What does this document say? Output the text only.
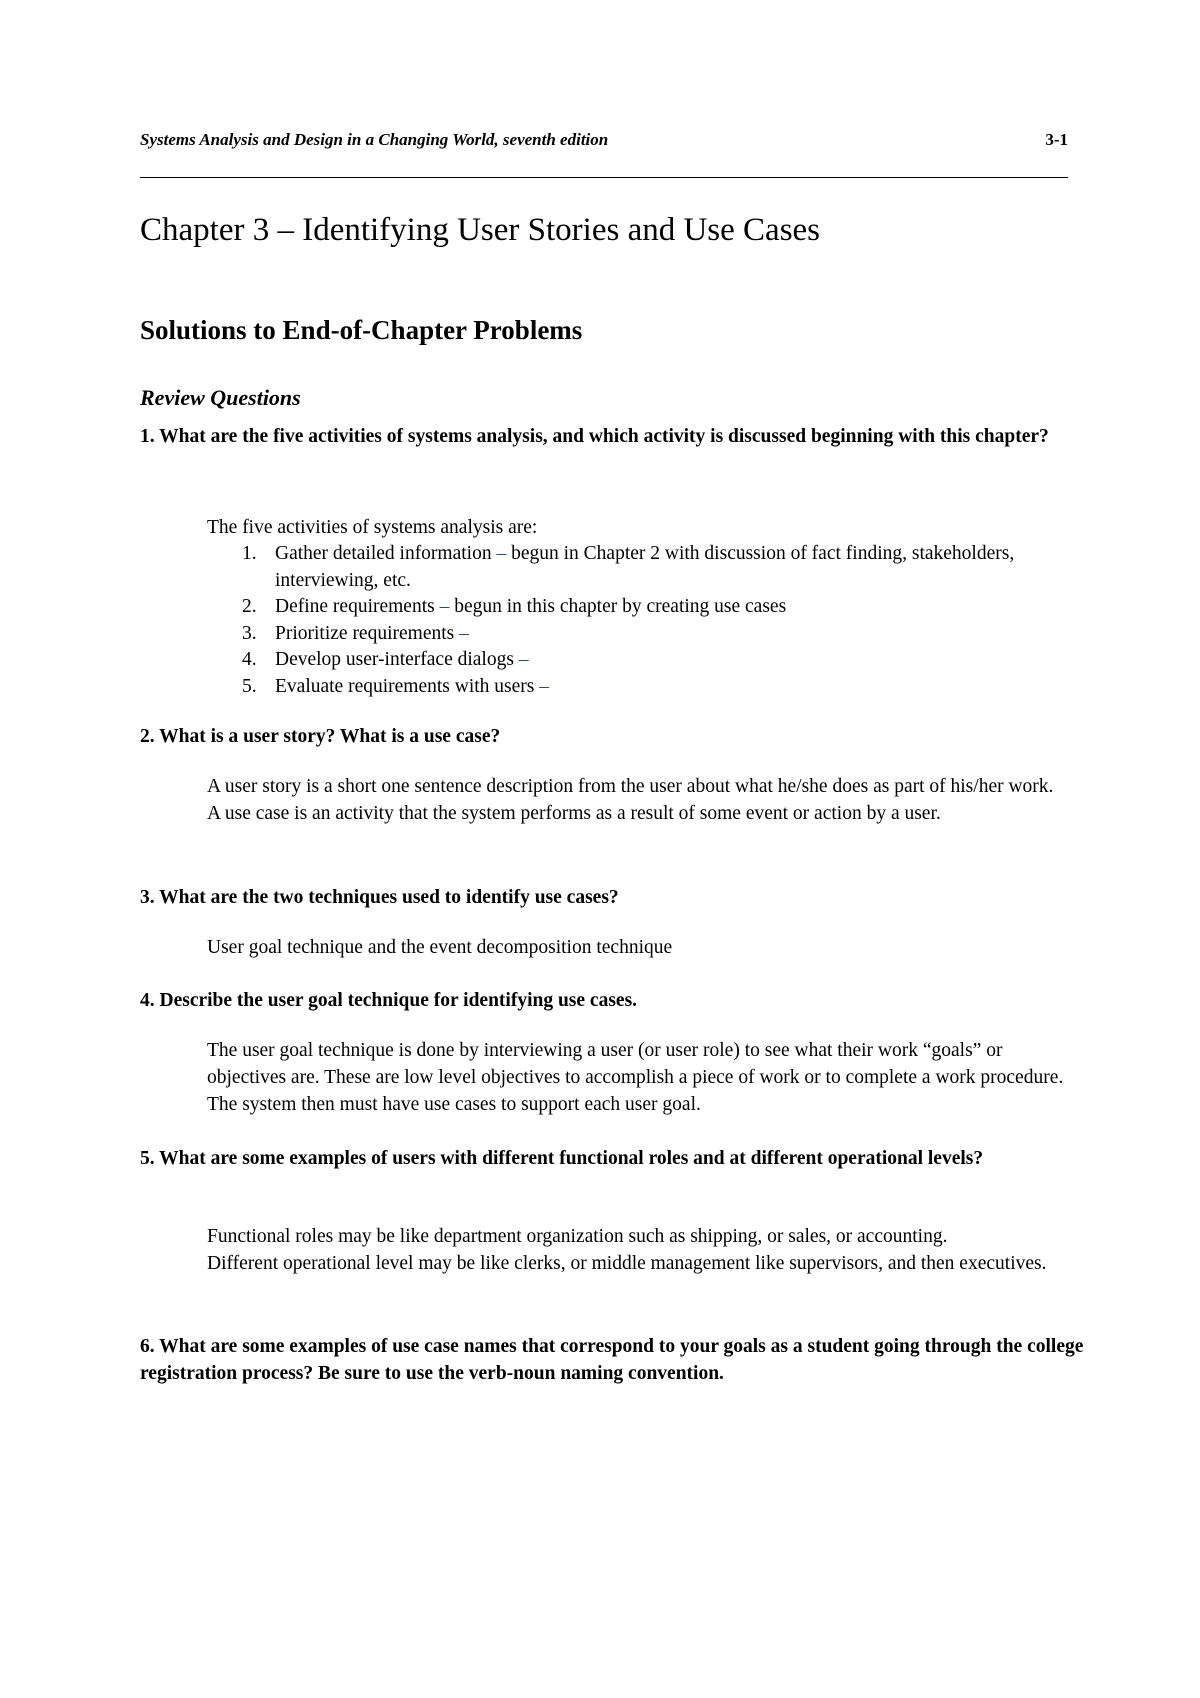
Systems Analysis and Design in a Changing World, seventh edition	3-1
Chapter 3 – Identifying User Stories and Use Cases
Solutions to End-of-Chapter Problems
Review Questions

1. What are the five activities of systems analysis, and which activity is discussed beginning with this chapter?

The five activities of systems analysis are:

1. Gather detailed information – begun in Chapter 2 with discussion of fact finding, stakeholders, interviewing, etc.
2. Define requirements – begun in this chapter by creating use cases
3. Prioritize requirements –
4. Develop user-interface dialogs –
5. Evaluate requirements with users –

2. What is a user story? What is a use case?

A user story is a short one sentence description from the user about what he/she does as part of his/her work.

A use case is an activity that the system performs as a result of some event or action by a user.

3. What are the two techniques used to identify use cases?

User goal technique and the event decomposition technique

4. Describe the user goal technique for identifying use cases.

The user goal technique is done by interviewing a user (or user role) to see what their work “goals” or objectives are. These are low level objectives to accomplish a piece of work or to complete a work procedure. The system then must have use cases to support each user goal.

5. What are some examples of users with different functional roles and at different operational levels?

Functional roles may be like department organization such as shipping, or sales, or accounting.

Different operational level may be like clerks, or middle management like supervisors, and then executives.

6. What are some examples of use case names that correspond to your goals as a student going through the college registration process? Be sure to use the verb-noun naming convention.
